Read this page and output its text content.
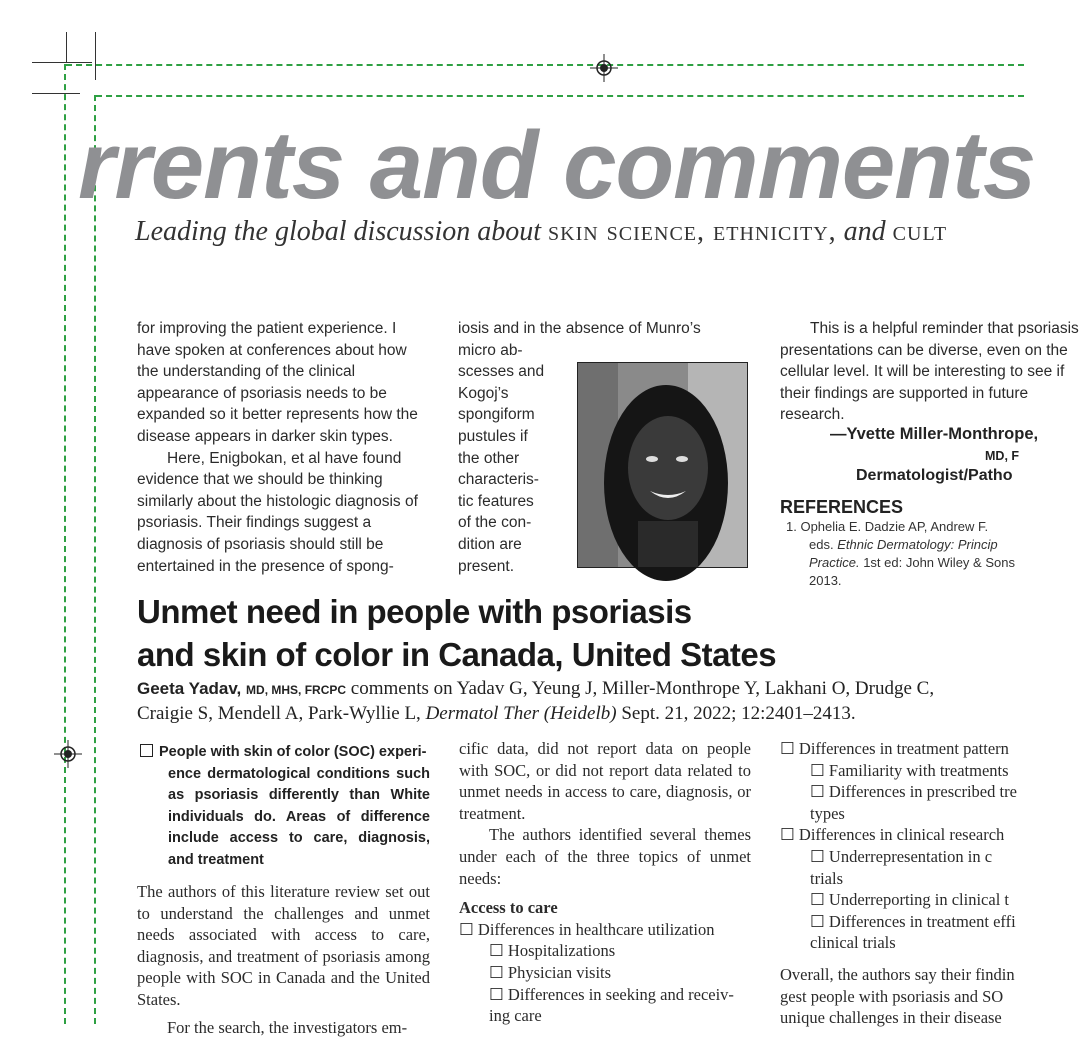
rrents and comments
Leading the global discussion about skin science, ethnicity, and cult

for improving the patient experience. I have spoken at conferences about how the understanding of the clinical appearance of psoriasis needs to be expanded so it better represents how the disease appears in darker skin types.

Here, Enigbokan, et al have found evidence that we should be thinking similarly about the histologic diagnosis of psoriasis. Their findings suggest a diagnosis of psoriasis should still be entertained in the presence of spong-

iosis and in the absence of Munro’s

micro ab-
scesses and
Kogoj’s
spongiform
pustules if
the other
characteris-
tic features
of the con-
dition are
present.

This is a helpful reminder that psoriasis presentations can be diverse, even on the cellular level. It will be interesting to see if their findings are supported in future research.

—Yvette Miller-Monthrope,
MD, F
Dermatologist/Patho
REFERENCES
1. Ophelia E. Dadzie AP, Andrew F.
eds. Ethnic Dermatology: Princip
Practice. 1st ed: John Wiley & Sons
2013.
Unmet need in people with psoriasis
and skin of color in Canada, United States
Geeta Yadav, MD, MHS, FRCPC comments on Yadav G, Yeung J, Miller-Monthrope Y, Lakhani O, Drudge C,
Craigie S, Mendell A, Park-Wyllie L, Dermatol Ther (Heidelb) Sept. 21, 2022; 12:2401–2413.
People with skin of color (SOC) experi-
ence dermatological conditions such as psoriasis differently than White individuals do. Areas of difference include access to care, diagnosis, and treatment

The authors of this literature review set out to understand the challenges and unmet needs associated with access to care, diagnosis, and treatment of psoriasis among people with SOC in Canada and the United States.

For the search, the investigators em-

cific data, did not report data on people with SOC, or did not report data related to unmet needs in access to care, diagnosis, or treatment.

The authors identified several themes under each of the three topics of unmet needs:

Access to care

☐ Differences in healthcare utilization
☐ Hospitalizations
☐ Physician visits
☐ Differences in seeking and receiv-
ing care
☐ Differences in treatment pattern
☐ Familiarity with treatments
☐ Differences in prescribed tre
types
☐ Differences in clinical research
☐ Underrepresentation in c
trials
☐ Underreporting in clinical t
☐ Differences in treatment effi
clinical trials

Overall, the authors say their findin

gest people with psoriasis and SO

unique challenges in their disease
